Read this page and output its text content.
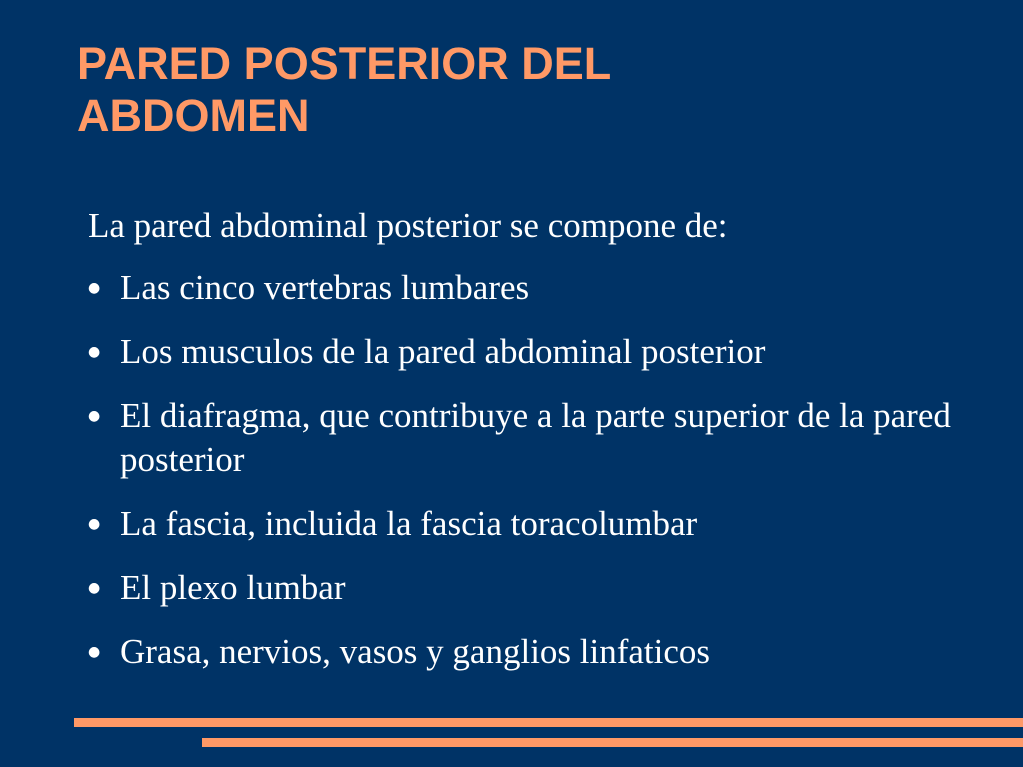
PARED POSTERIOR DEL
ABDOMEN

La pared abdominal posterior se compone de:

● Las cinco vertebras lumbares
● Los musculos de la pared abdominal posterior
● El diafragma, que contribuye a la parte superior de la pared posterior
● La fascia, incluida la fascia toracolumbar
● El plexo lumbar
● Grasa, nervios, vasos y ganglios linfaticos
